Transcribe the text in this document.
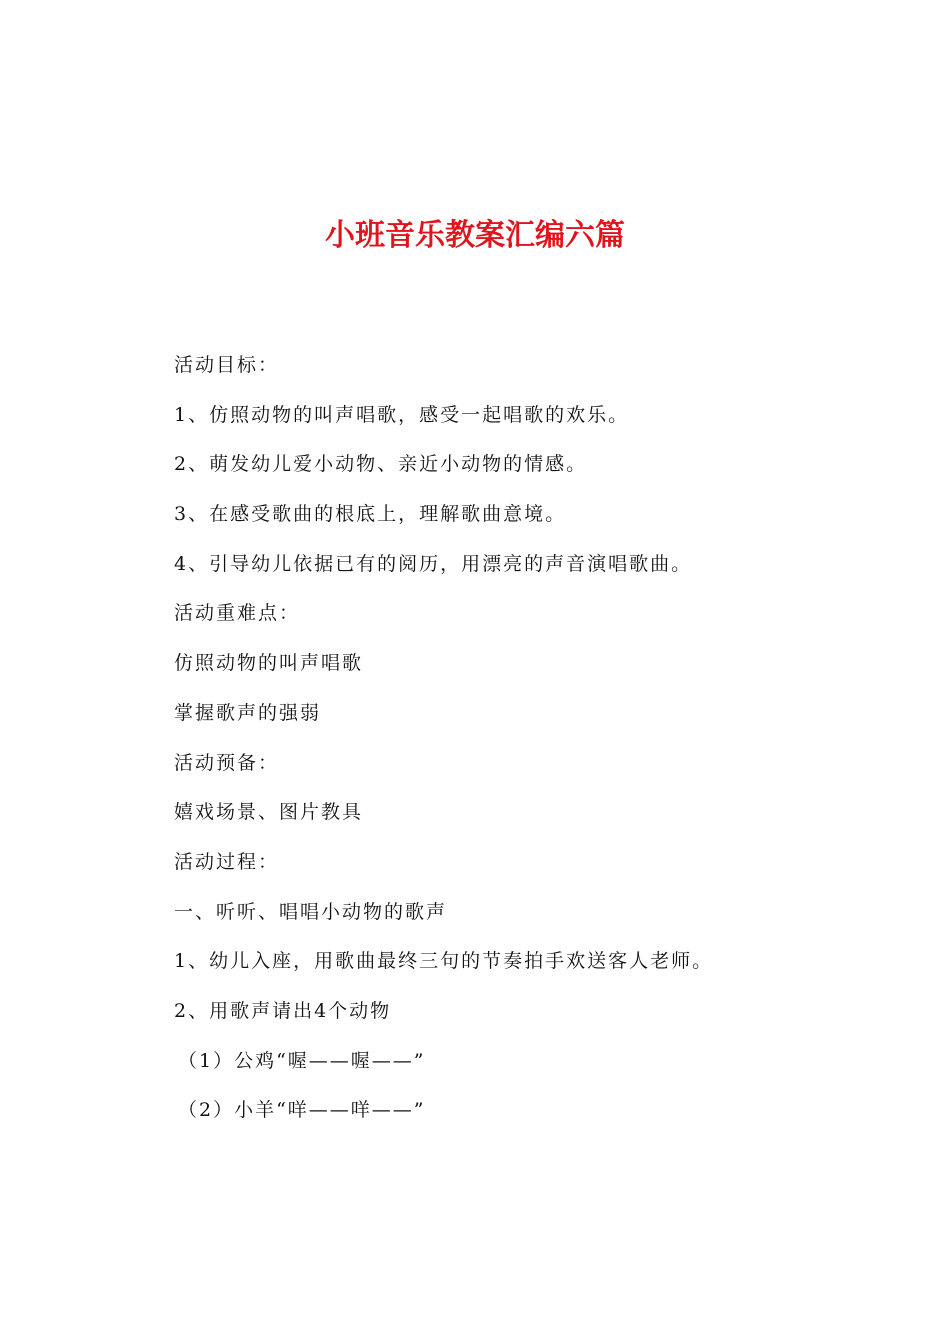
小班音乐教案汇编六篇
活动目标：
1、仿照动物的叫声唱歌，感受一起唱歌的欢乐。
2、萌发幼儿爱小动物、亲近小动物的情感。
3、在感受歌曲的根底上，理解歌曲意境。
4、引导幼儿依据已有的阅历，用漂亮的声音演唱歌曲。
活动重难点：
仿照动物的叫声唱歌
掌握歌声的强弱
活动预备：
嬉戏场景、图片教具
活动过程：
一、听听、唱唱小动物的歌声
1、幼儿入座，用歌曲最终三句的节奏拍手欢送客人老师。
2、用歌声请出4个动物
（1）公鸡“喔——喔——”
（2）小羊“咩——咩——”
